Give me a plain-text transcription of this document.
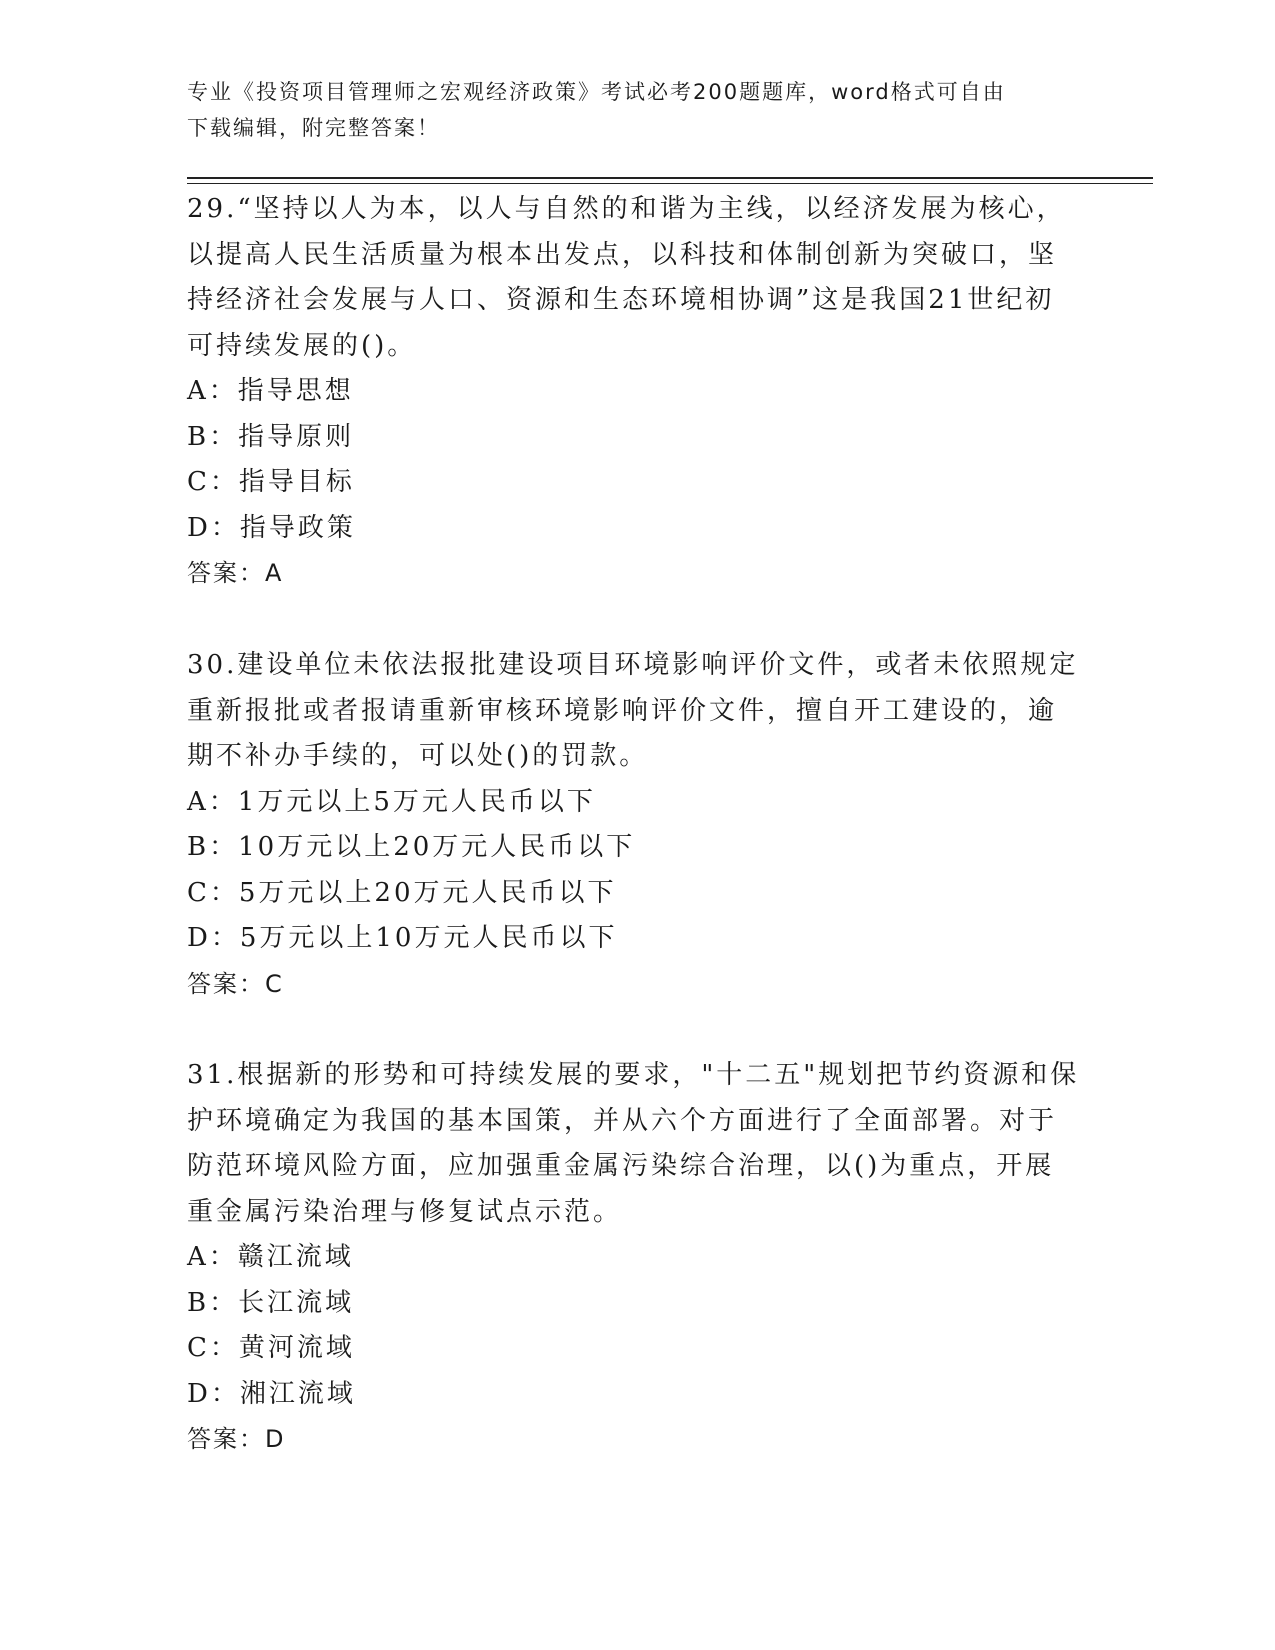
专业《投资项目管理师之宏观经济政策》考试必考200题题库，word格式可自由
下载编辑，附完整答案！
29.“坚持以人为本，以人与自然的和谐为主线，以经济发展为核心，
以提高人民生活质量为根本出发点，以科技和体制创新为突破口，坚
持经济社会发展与人口、资源和生态环境相协调”这是我国21世纪初
可持续发展的()。
A：指导思想
B：指导原则
C：指导目标
D：指导政策
答案：A
30.建设单位未依法报批建设项目环境影响评价文件，或者未依照规定
重新报批或者报请重新审核环境影响评价文件，擅自开工建设的，逾
期不补办手续的，可以处()的罚款。
A：1万元以上5万元人民币以下
B：10万元以上20万元人民币以下
C：5万元以上20万元人民币以下
D：5万元以上10万元人民币以下
答案：C
31.根据新的形势和可持续发展的要求，"十二五"规划把节约资源和保
护环境确定为我国的基本国策，并从六个方面进行了全面部署。对于
防范环境风险方面，应加强重金属污染综合治理，以()为重点，开展
重金属污染治理与修复试点示范。
A：赣江流域
B：长江流域
C：黄河流域
D：湘江流域
答案：D
